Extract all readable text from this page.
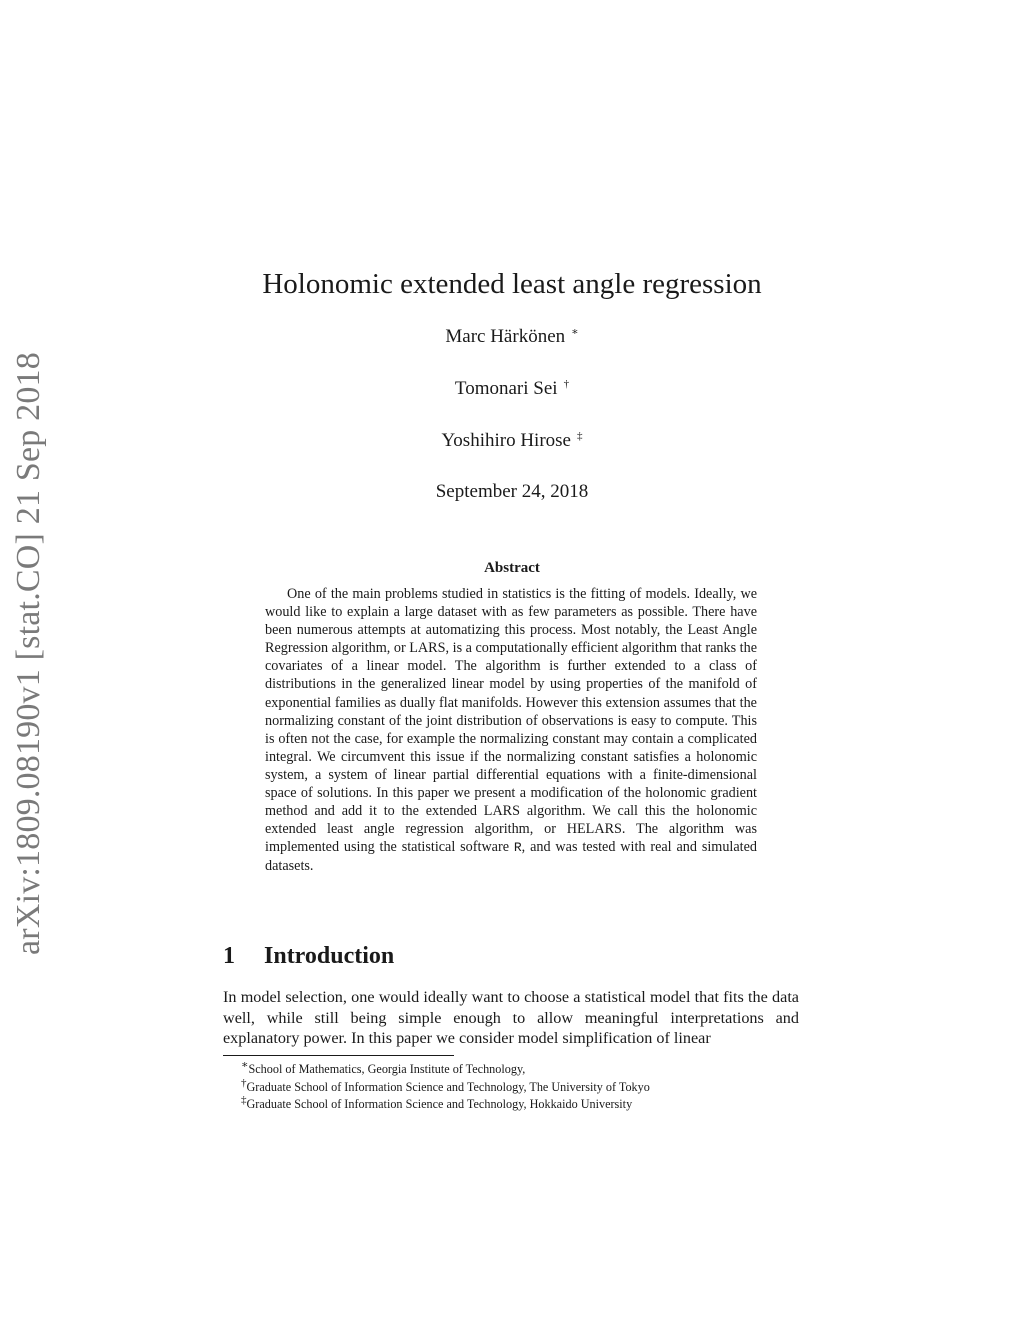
arXiv:1809.08190v1 [stat.CO] 21 Sep 2018
Holonomic extended least angle regression
Marc Härkönen ∗
Tomonari Sei †
Yoshihiro Hirose ‡
September 24, 2018
Abstract

One of the main problems studied in statistics is the fitting of models. Ideally, we would like to explain a large dataset with as few parameters as possible. There have been numerous attempts at automatizing this process. Most notably, the Least Angle Regression algorithm, or LARS, is a computationally efficient algorithm that ranks the covariates of a linear model. The algorithm is further extended to a class of distributions in the generalized linear model by using properties of the manifold of exponential families as dually flat manifolds. However this extension assumes that the normalizing constant of the joint distribution of observations is easy to compute. This is often not the case, for example the normalizing constant may contain a complicated integral. We circumvent this issue if the normalizing constant satisfies a holonomic system, a system of linear partial differential equations with a finite-dimensional space of solutions. In this paper we present a modification of the holonomic gradient method and add it to the extended LARS algorithm. We call this the holonomic extended least angle regression algorithm, or HELARS. The algorithm was implemented using the statistical software R, and was tested with real and simulated datasets.

1 Introduction

In model selection, one would ideally want to choose a statistical model that fits the data well, while still being simple enough to allow meaningful interpretations and explanatory power. In this paper we consider model simplification of linear

∗School of Mathematics, Georgia Institute of Technology,
†Graduate School of Information Science and Technology, The University of Tokyo
‡Graduate School of Information Science and Technology, Hokkaido University
